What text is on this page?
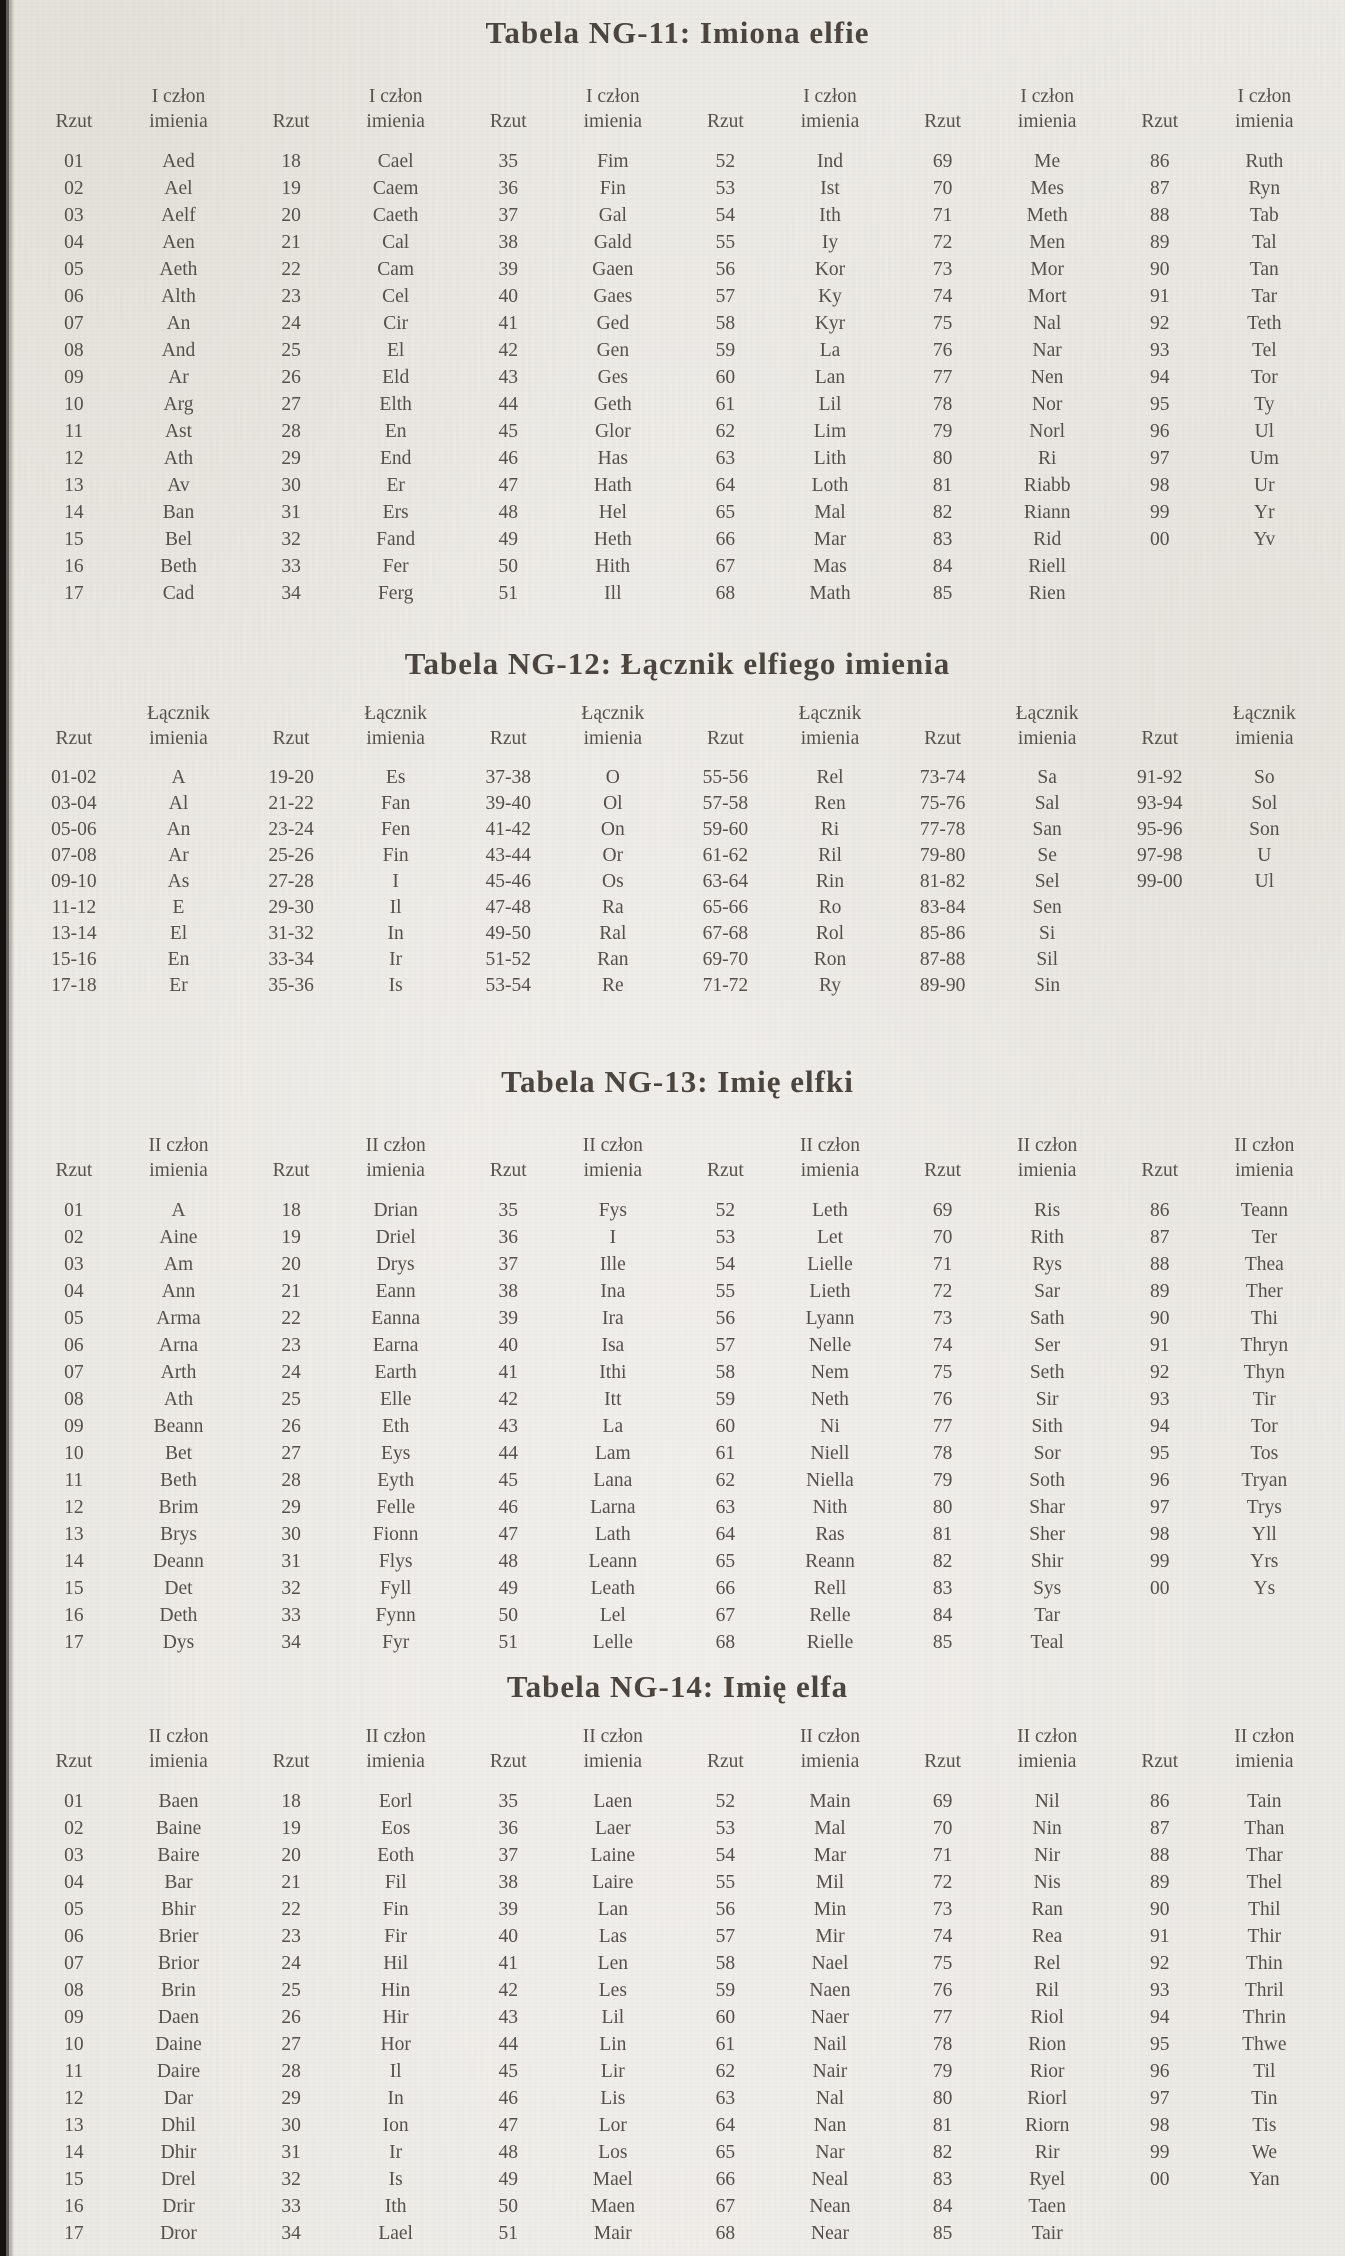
Tabela NG-11: Imiona elfie
Rzut
I człon
imienia
01	Aed
02	Ael
03	Aelf
04	Aen
05	Aeth
06	Alth
07	An
08	And
09	Ar
10	Arg
11	Ast
12	Ath
13	Av
14	Ban
15	Bel
16	Beth
17	Cad
Rzut
I człon
imienia
18	Cael
19	Caem
20	Caeth
21	Cal
22	Cam
23	Cel
24	Cir
25	El
26	Eld
27	Elth
28	En
29	End
30	Er
31	Ers
32	Fand
33	Fer
34	Ferg
Rzut
I człon
imienia
35	Fim
36	Fin
37	Gal
38	Gald
39	Gaen
40	Gaes
41	Ged
42	Gen
43	Ges
44	Geth
45	Glor
46	Has
47	Hath
48	Hel
49	Heth
50	Hith
51	Ill
Rzut
I człon
imienia
52	Ind
53	Ist
54	Ith
55	Iy
56	Kor
57	Ky
58	Kyr
59	La
60	Lan
61	Lil
62	Lim
63	Lith
64	Loth
65	Mal
66	Mar
67	Mas
68	Math
Rzut
I człon
imienia
69	Me
70	Mes
71	Meth
72	Men
73	Mor
74	Mort
75	Nal
76	Nar
77	Nen
78	Nor
79	Norl
80	Ri
81	Riabb
82	Riann
83	Rid
84	Riell
85	Rien
Rzut
I człon
imienia
86	Ruth
87	Ryn
88	Tab
89	Tal
90	Tan
91	Tar
92	Teth
93	Tel
94	Tor
95	Ty
96	Ul
97	Um
98	Ur
99	Yr
00	Yv
Tabela NG-12: Łącznik elfiego imienia
Rzut
Łącznik
imienia
01-02	A
03-04	Al
05-06	An
07-08	Ar
09-10	As
11-12	E
13-14	El
15-16	En
17-18	Er
Rzut
Łącznik
imienia
19-20	Es
21-22	Fan
23-24	Fen
25-26	Fin
27-28	I
29-30	Il
31-32	In
33-34	Ir
35-36	Is
Rzut
Łącznik
imienia
37-38	O
39-40	Ol
41-42	On
43-44	Or
45-46	Os
47-48	Ra
49-50	Ral
51-52	Ran
53-54	Re
Rzut
Łącznik
imienia
55-56	Rel
57-58	Ren
59-60	Ri
61-62	Ril
63-64	Rin
65-66	Ro
67-68	Rol
69-70	Ron
71-72	Ry
Rzut
Łącznik
imienia
73-74	Sa
75-76	Sal
77-78	San
79-80	Se
81-82	Sel
83-84	Sen
85-86	Si
87-88	Sil
89-90	Sin
Rzut
Łącznik
imienia
91-92	So
93-94	Sol
95-96	Son
97-98	U
99-00	Ul
Tabela NG-13: Imię elfki
Rzut
II człon
imienia
01	A
02	Aine
03	Am
04	Ann
05	Arma
06	Arna
07	Arth
08	Ath
09	Beann
10	Bet
11	Beth
12	Brim
13	Brys
14	Deann
15	Det
16	Deth
17	Dys
Rzut
II człon
imienia
18	Drian
19	Driel
20	Drys
21	Eann
22	Eanna
23	Earna
24	Earth
25	Elle
26	Eth
27	Eys
28	Eyth
29	Felle
30	Fionn
31	Flys
32	Fyll
33	Fynn
34	Fyr
Rzut
II człon
imienia
35	Fys
36	I
37	Ille
38	Ina
39	Ira
40	Isa
41	Ithi
42	Itt
43	La
44	Lam
45	Lana
46	Larna
47	Lath
48	Leann
49	Leath
50	Lel
51	Lelle
Rzut
II człon
imienia
52	Leth
53	Let
54	Lielle
55	Lieth
56	Lyann
57	Nelle
58	Nem
59	Neth
60	Ni
61	Niell
62	Niella
63	Nith
64	Ras
65	Reann
66	Rell
67	Relle
68	Rielle
Rzut
II człon
imienia
69	Ris
70	Rith
71	Rys
72	Sar
73	Sath
74	Ser
75	Seth
76	Sir
77	Sith
78	Sor
79	Soth
80	Shar
81	Sher
82	Shir
83	Sys
84	Tar
85	Teal
Rzut
II człon
imienia
86	Teann
87	Ter
88	Thea
89	Ther
90	Thi
91	Thryn
92	Thyn
93	Tir
94	Tor
95	Tos
96	Tryan
97	Trys
98	Yll
99	Yrs
00	Ys
Tabela NG-14: Imię elfa
Rzut
II człon
imienia
01	Baen
02	Baine
03	Baire
04	Bar
05	Bhir
06	Brier
07	Brior
08	Brin
09	Daen
10	Daine
11	Daire
12	Dar
13	Dhil
14	Dhir
15	Drel
16	Drir
17	Dror
Rzut
II człon
imienia
18	Eorl
19	Eos
20	Eoth
21	Fil
22	Fin
23	Fir
24	Hil
25	Hin
26	Hir
27	Hor
28	Il
29	In
30	Ion
31	Ir
32	Is
33	Ith
34	Lael
Rzut
II człon
imienia
35	Laen
36	Laer
37	Laine
38	Laire
39	Lan
40	Las
41	Len
42	Les
43	Lil
44	Lin
45	Lir
46	Lis
47	Lor
48	Los
49	Mael
50	Maen
51	Mair
Rzut
II człon
imienia
52	Main
53	Mal
54	Mar
55	Mil
56	Min
57	Mir
58	Nael
59	Naen
60	Naer
61	Nail
62	Nair
63	Nal
64	Nan
65	Nar
66	Neal
67	Nean
68	Near
Rzut
II człon
imienia
69	Nil
70	Nin
71	Nir
72	Nis
73	Ran
74	Rea
75	Rel
76	Ril
77	Riol
78	Rion
79	Rior
80	Riorl
81	Riorn
82	Rir
83	Ryel
84	Taen
85	Tair
Rzut
II człon
imienia
86	Tain
87	Than
88	Thar
89	Thel
90	Thil
91	Thir
92	Thin
93	Thril
94	Thrin
95	Thwe
96	Til
97	Tin
98	Tis
99	We
00	Yan
